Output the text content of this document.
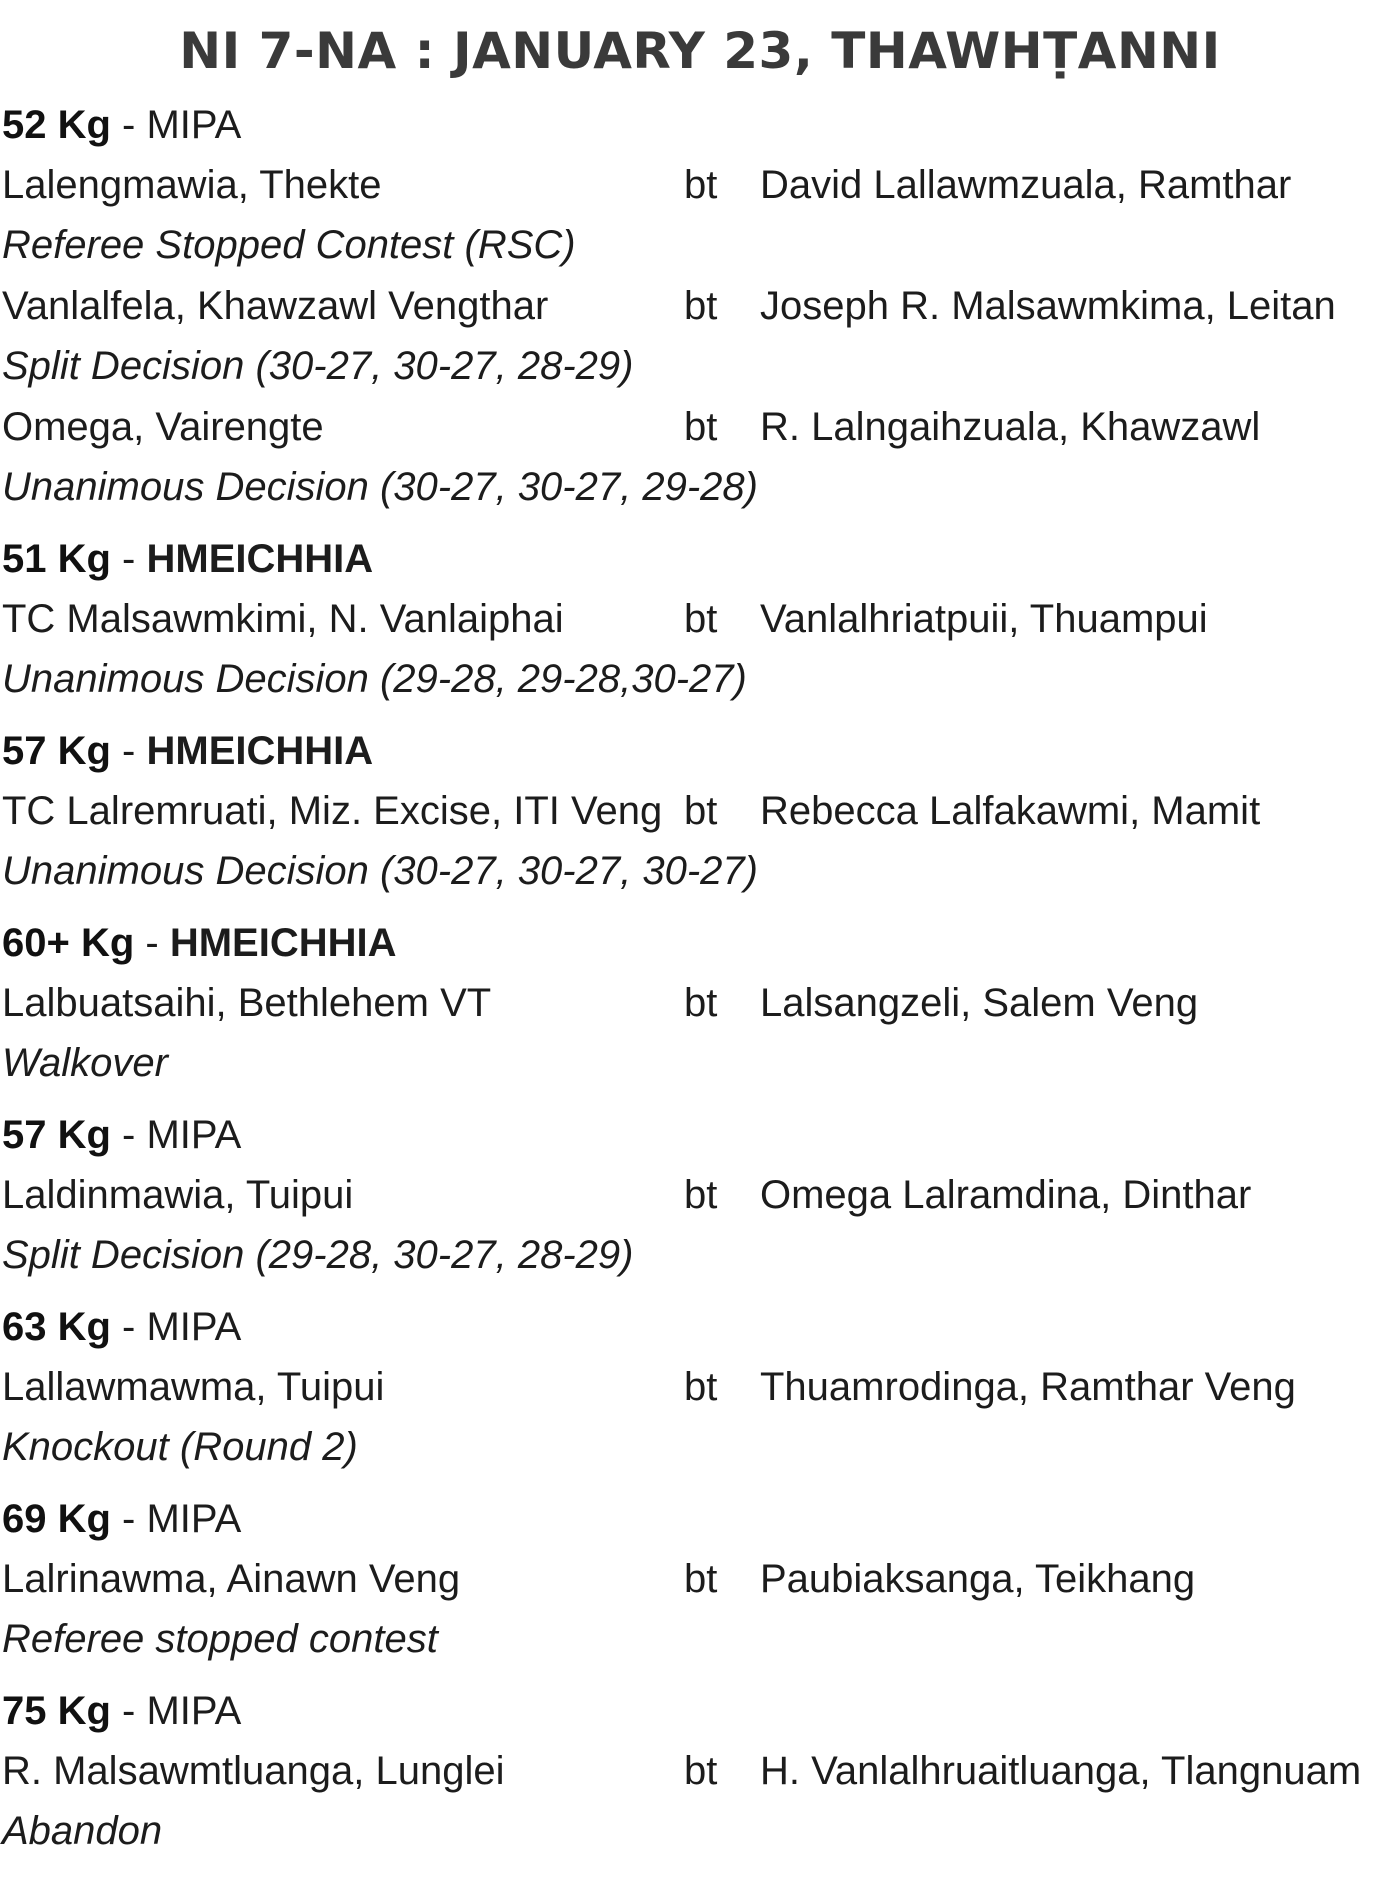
NI 7-NA : JANUARY 23, THAWHṬANNI
52 Kg - MIPA
Lalengmawia, Thekte	bt David Lallawmzuala, Ramthar
Referee Stopped Contest (RSC)
Vanlalfela, Khawzawl Vengthar	bt Joseph R. Malsawmkima, Leitan
Split Decision (30-27, 30-27, 28-29)
Omega, Vairengte	bt R. Lalngaihzuala, Khawzawl
Unanimous Decision (30-27, 30-27, 29-28)
51 Kg - HMEICHHIA
TC Malsawmkimi, N. Vanlaiphai	bt Vanlalhriatpuii, Thuampui
Unanimous Decision (29-28, 29-28,30-27)
57 Kg - HMEICHHIA
TC Lalremruati, Miz. Excise, ITI Veng bt Rebecca Lalfakawmi, Mamit
Unanimous Decision (30-27, 30-27, 30-27)
60+ Kg - HMEICHHIA
Lalbuatsaihi, Bethlehem VT	bt Lalsangzeli, Salem Veng
Walkover
57 Kg - MIPA
Laldinmawia, Tuipui	bt Omega Lalramdina, Dinthar
Split Decision (29-28, 30-27, 28-29)
63 Kg - MIPA
Lallawmawma, Tuipui	bt Thuamrodinga, Ramthar Veng
Knockout (Round 2)
69 Kg - MIPA
Lalrinawma, Ainawn Veng	bt Paubiaksanga, Teikhang
Referee stopped contest
75 Kg - MIPA
R. Malsawmtluanga, Lunglei	bt H. Vanlalhruaitluanga, Tlangnuam
Abandon
